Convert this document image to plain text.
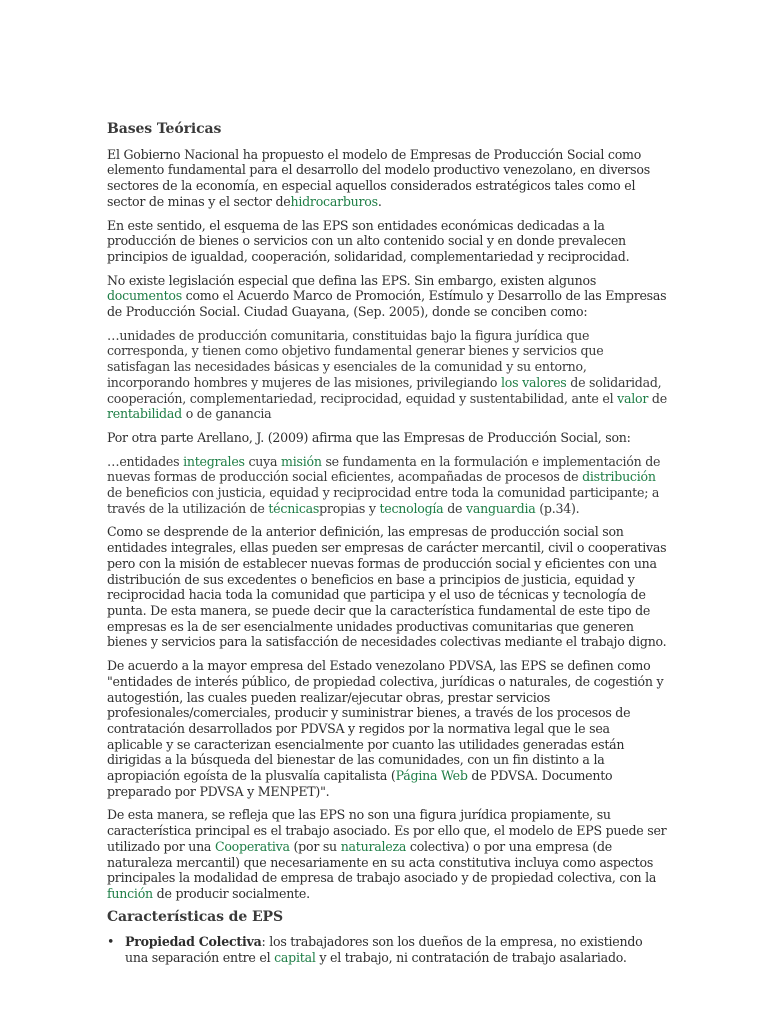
Bases Teóricas

El Gobierno Nacional ha propuesto el modelo de Empresas de Producción Social como elemento fundamental para el desarrollo del modelo productivo venezolano, en diversos sectores de la economía, en especial aquellos considerados estratégicos tales como el sector de minas y el sector dehidrocarburos.

En este sentido, el esquema de las EPS son entidades económicas dedicadas a la producción de bienes o servicios con un alto contenido social y en donde prevalecen principios de igualdad, cooperación, solidaridad, complementariedad y reciprocidad.

No existe legislación especial que defina las EPS. Sin embargo, existen algunos documentos como el Acuerdo Marco de Promoción, Estímulo y Desarrollo de las Empresas de Producción Social. Ciudad Guayana, (Sep. 2005), donde se conciben como:

…unidades de producción comunitaria, constituidas bajo la figura jurídica que corresponda, y tienen como objetivo fundamental generar bienes y servicios que satisfagan las necesidades básicas y esenciales de la comunidad y su entorno, incorporando hombres y mujeres de las misiones, privilegiando los valores de solidaridad, cooperación, complementariedad, reciprocidad, equidad y sustentabilidad, ante el valor de rentabilidad o de ganancia

Por otra parte Arellano, J. (2009) afirma que las Empresas de Producción Social, son:

…entidades integrales cuya misión se fundamenta en la formulación e implementación de nuevas formas de producción social eficientes, acompañadas de procesos de distribución de beneficios con justicia, equidad y reciprocidad entre toda la comunidad participante; a través de la utilización de técnicaspropias y tecnología de vanguardia (p.34).

Como se desprende de la anterior definición, las empresas de producción social son entidades integrales, ellas pueden ser empresas de carácter mercantil, civil o cooperativas pero con la misión de establecer nuevas formas de producción social y eficientes con una distribución de sus excedentes o beneficios en base a principios de justicia, equidad y reciprocidad hacia toda la comunidad que participa y el uso de técnicas y tecnología de punta. De esta manera, se puede decir que la característica fundamental de este tipo de empresas es la de ser esencialmente unidades productivas comunitarias que generen bienes y servicios para la satisfacción de necesidades colectivas mediante el trabajo digno.

De acuerdo a la mayor empresa del Estado venezolano PDVSA, las EPS se definen como "entidades de interés público, de propiedad colectiva, jurídicas o naturales, de cogestión y autogestión, las cuales pueden realizar/ejecutar obras, prestar servicios profesionales/comerciales, producir y suministrar bienes, a través de los procesos de contratación desarrollados por PDVSA y regidos por la normativa legal que le sea aplicable y se caracterizan esencialmente por cuanto las utilidades generadas están dirigidas a la búsqueda del bienestar de las comunidades, con un fin distinto a la apropiación egoísta de la plusvalía capitalista (Página Web de PDVSA. Documento preparado por PDVSA y MENPET)".

De esta manera, se refleja que las EPS no son una figura jurídica propiamente, su característica principal es el trabajo asociado. Es por ello que, el modelo de EPS puede ser utilizado por una Cooperativa (por su naturaleza colectiva) o por una empresa (de naturaleza mercantil) que necesariamente en su acta constitutiva incluya como aspectos principales la modalidad de empresa de trabajo asociado y de propiedad colectiva, con la función de producir socialmente.

Características de EPS
• Propiedad Colectiva: los trabajadores son los dueños de la empresa, no existiendo una separación entre el capital y el trabajo, ni contratación de trabajo asalariado.
